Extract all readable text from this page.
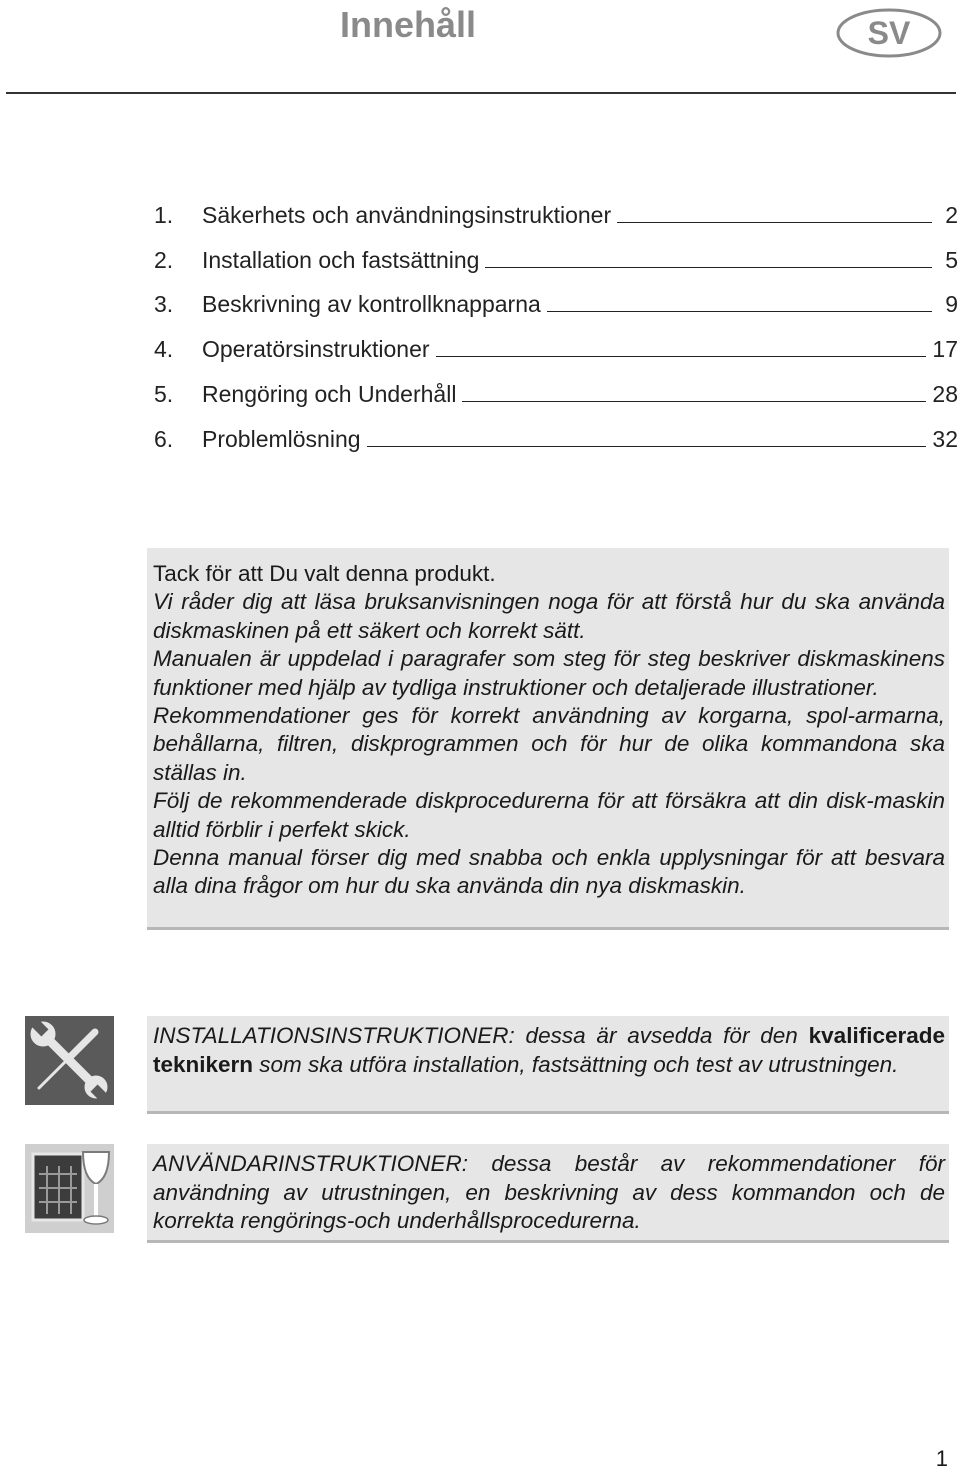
Innehåll	SV
1.	Säkerhets och användningsinstruktioner	2
2.	Installation och fastsättning	5
3.	Beskrivning av kontrollknapparna	9
4.	Operatörsinstruktioner	17
5.	Rengöring och Underhåll	28
6.	Problemlösning	32

Tack för att Du valt denna produkt.

Vi råder dig att läsa bruksanvisningen noga för att förstå hur du ska använda diskmaskinen på ett säkert och korrekt sätt.

Manualen är uppdelad i paragrafer som steg för steg beskriver diskmaskinens funktioner med hjälp av tydliga instruktioner och detaljerade illustrationer.

Rekommendationer ges för korrekt användning av korgarna, spol-armarna, behållarna, filtren, diskprogrammen och för hur de olika kommandona ska ställas in.

Följ de rekommenderade diskprocedurerna för att försäkra att din disk-maskin alltid förblir i perfekt skick.

Denna manual förser dig med snabba och enkla upplysningar för att besvara alla dina frågor om hur du ska använda din nya diskmaskin.

INSTALLATIONSINSTRUKTIONER: dessa är avsedda för den kvalificerade teknikern som ska utföra installation, fastsättning och test av utrustningen.

ANVÄNDARINSTRUKTIONER: dessa består av rekommendationer för användning av utrustningen, en beskrivning av dess kommandon och de korrekta rengörings-och underhållsprocedurerna.

1
